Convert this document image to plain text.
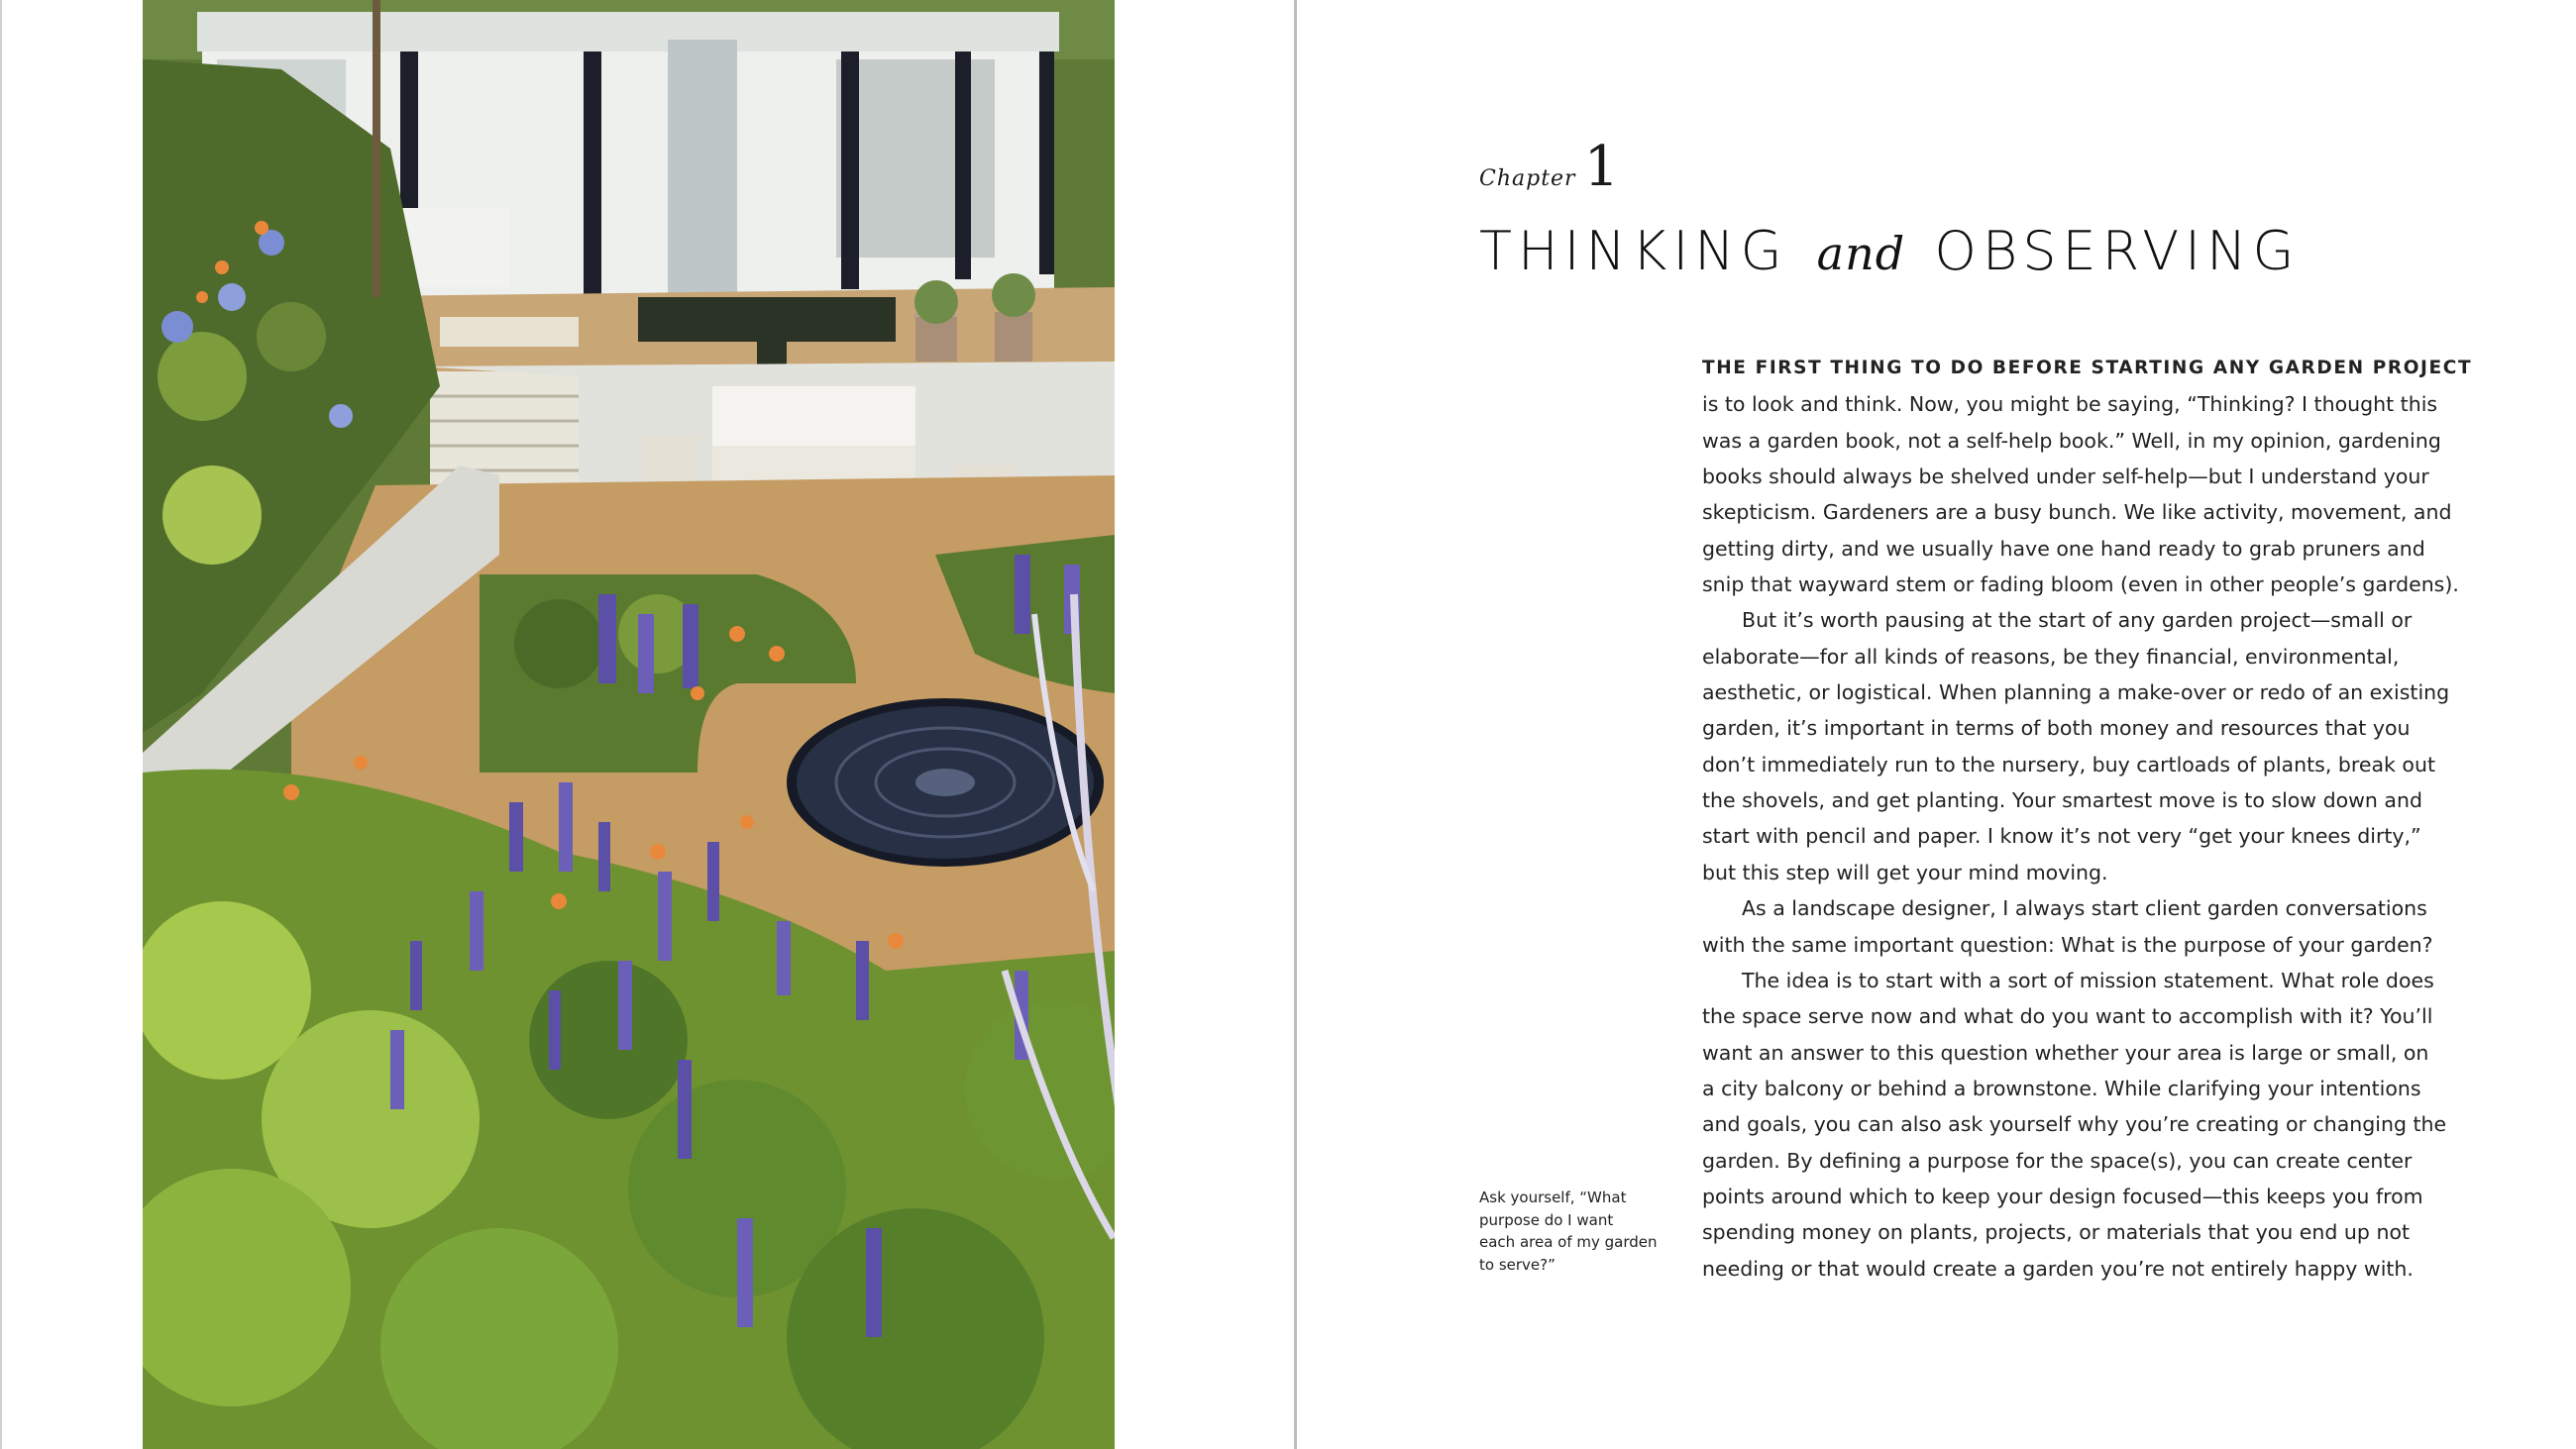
Chapter 1
THINKING and OBSERVING
THE FIRST THING TO DO BEFORE STARTING ANY GARDEN PROJECT
is to look and think. Now, you might be saying, “Thinking? I thought this
was a garden book, not a self-help book.” Well, in my opinion, gardening
books should always be shelved under self-help—but I understand your
skepticism. Gardeners are a busy bunch. We like activity, movement, and
getting dirty, and we usually have one hand ready to grab pruners and
snip that wayward stem or fading bloom (even in other people’s gardens).
But it’s worth pausing at the start of any garden project—small or
elaborate—for all kinds of reasons, be they financial, environmental,
aesthetic, or logistical. When planning a make-over or redo of an existing
garden, it’s important in terms of both money and resources that you
don’t immediately run to the nursery, buy cartloads of plants, break out
the shovels, and get planting. Your smartest move is to slow down and
start with pencil and paper. I know it’s not very “get your knees dirty,”
but this step will get your mind moving.
As a landscape designer, I always start client garden conversations
with the same important question: What is the purpose of your garden?
The idea is to start with a sort of mission statement. What role does
the space serve now and what do you want to accomplish with it? You’ll
want an answer to this question whether your area is large or small, on
a city balcony or behind a brownstone. While clarifying your intentions
and goals, you can also ask yourself why you’re creating or changing the
garden. By defining a purpose for the space(s), you can create center
points around which to keep your design focused—this keeps you from
spending money on plants, projects, or materials that you end up not
needing or that would create a garden you’re not entirely happy with.
Ask yourself, “What
purpose do I want
each area of my garden
to serve?”
